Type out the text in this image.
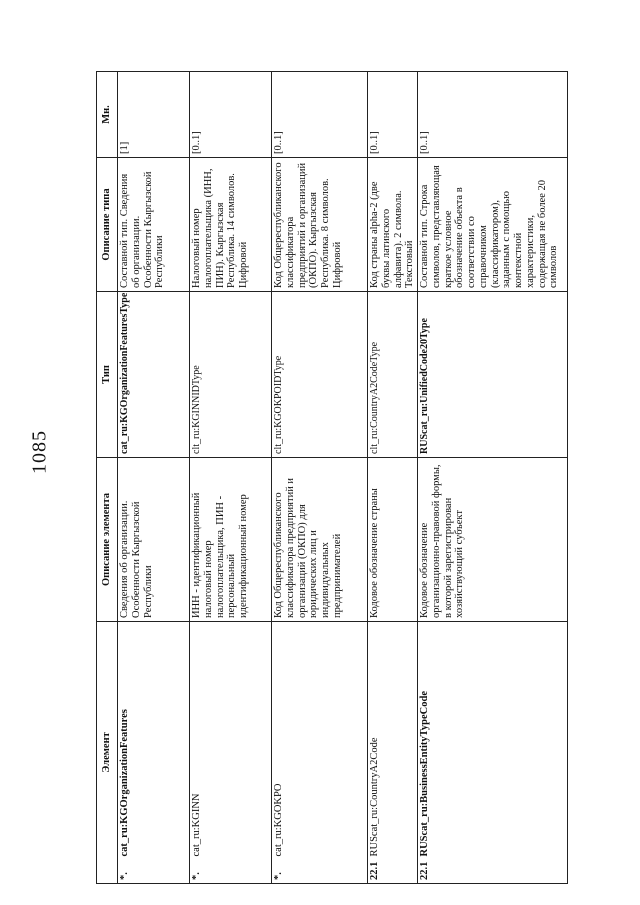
1085
Элемент		Описание элемента	Тип	Описание типа	Мн.
*.	cat_ru:KGOrganizationFeatures	Сведения об организации. Особенности Кыргызской Республики	cat_ru:KGOrganizationFeaturesType	Составной тип. Сведения об организации. Особенности Кыргызской Республики	[1]
*.	cat_ru:KGINN	ИНН - идентификационный налоговый номер налогоплательщика, ПИН - персональный идентификационный номер	clt_ru:KGINNIDType	Налоговый номер налогоплательщика (ИНН, ПИН). Кыргызская Республика. 14 символов. Цифровой	[0..1]
*.	cat_ru:KGOKPO	Код Общереспубликанского классификатора предприятий и организаций (ОКПО) для юридических лиц и индивидуальных предпринимателей	clt_ru:KGOKPOIDType	Код Общереспубликанского классификатора предприятий и организаций (ОКПО). Кыргызская Республика. 8 символов. Цифровой	[0..1]
22.1	RUScat_ru:CountryA2Code	Кодовое обозначение страны	clt_ru:CountryA2CodeType	Код страны alpha-2 (две буквы латинского алфавита). 2 символа. Текстовый	[0..1]
22.1	RUScat_ru:BusinessEntityTypeCode	Кодовое обозначение организационно-правовой формы, в которой зарегистрирован хозяйствующий субъект	RUScat_ru:UnifiedCode20Type	Составной тип. Строка символов, представляющая краткое условное обозначение объекта в соответствии со справочником (классификатором), заданным с помощью контекстной характеристики, содержащая не более 20 символов	[0..1]
